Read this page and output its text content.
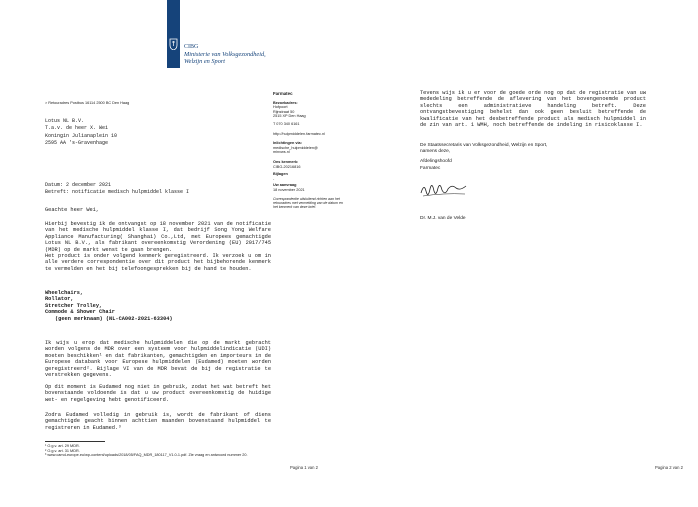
CIBG
Ministerie van Volksgezondheid,
Welzijn en Sport

> Retouradres Postbus 16114 2500 BC Den Haag

Lotus NL B.V.
T.a.v. de heer X. Wei
Koningin Julianaplein 10
2595 AA 's-Gravenhage

Datum: 2 december 2021

Betreft: notificatie medisch hulpmiddel klasse I

Geachte heer Wei,

Hierbij bevestig ik de ontvangst op 18 november 2021 van de notificatie van het medische hulpmiddel klasse I, dat bedrijf Song Yong Welfare Appliance Manufacturing( Shanghai) Co.,Ltd, met Europees gemachtigde Lotus NL B.V., als fabrikant overeenkomstig Verordening (EU) 2017/745 (MDR) op de markt wenst te gaan brengen.

Het product is onder volgend kenmerk geregistreerd. Ik verzoek u om in alle verdere correspondentie over dit product het bijbehorende kenmerk te vermelden en het bij telefoongesprekken bij de hand te houden.

Wheelchairs,
Rollator,
Stretcher Trolley,
Commode & Shower Chair
(geen merknaam) (NL-CA002-2021-63304)

Ik wijs u erop dat medische hulpmiddelen die op de markt gebracht worden volgens de MDR over een systeem voor hulpmiddelindicatie (UDI) moeten beschikken¹ en dat fabrikanten, gemachtigden en importeurs in de Europese databank voor Europese hulpmiddelen (Eudamed) moeten worden geregistreerd². Bijlage VI van de MDR bevat de bij de registratie te verstrekken gegevens.

Op dit moment is Eudamed nog niet in gebruik, zodat het wat betreft het bovenstaande voldoende is dat u uw product overeenkomstig de huidige wet- en regelgeving hebt genotificeerd.

Zodra Eudamed volledig in gebruik is, wordt de fabrikant of diens gemachtigde geacht binnen achttien maanden bovenstaand hulpmiddel te registreren in Eudamed.³

¹ O.g.v. art. 29 MDR.
² O.g.v. art. 31 MDR.
³ www.camd-europe.eu/wp-content/uploads/2018/05/FAQ_MDR_180117_V1.0-1.pdf. Zie vraag en antwoord nummer 20.
Farmatec
Bezoekadres:
Hofpoort
Rijnstraat 50
2515 XP Den Haag
T 070 340 6161
http://hulpmiddelen.farmatec.nl
Inlichtingen via:
medische_hulpmiddelen@
minvws.nl
Ons kenmerk:
CIBG-20216816
Bijlagen
-
Uw aanvraag
18 november 2021
Correspondentie uitsluitend richten aan het retouradres met vermelding van de datum en het kenmerk van deze brief.
Pagina 1 van 2

Tevens wijs ik u er voor de goede orde nog op dat de registratie van uw mededeling betreffende de aflevering van het bovengenoemde product slechts een administratieve handeling betreft. Deze ontvangstbevestiging behelst dan ook geen besluit betreffende de kwalificatie van het desbetreffende product als medisch hulpmiddel in de zin van art. 1 WMH, noch betreffende de indeling in risicoklasse I.

De Staatssecretaris van Volksgezondheid, Welzijn en Sport,

namens deze,

Afdelingshoofd

Farmatec

Dr. M.J. van de Velde

Pagina 2 van 2
